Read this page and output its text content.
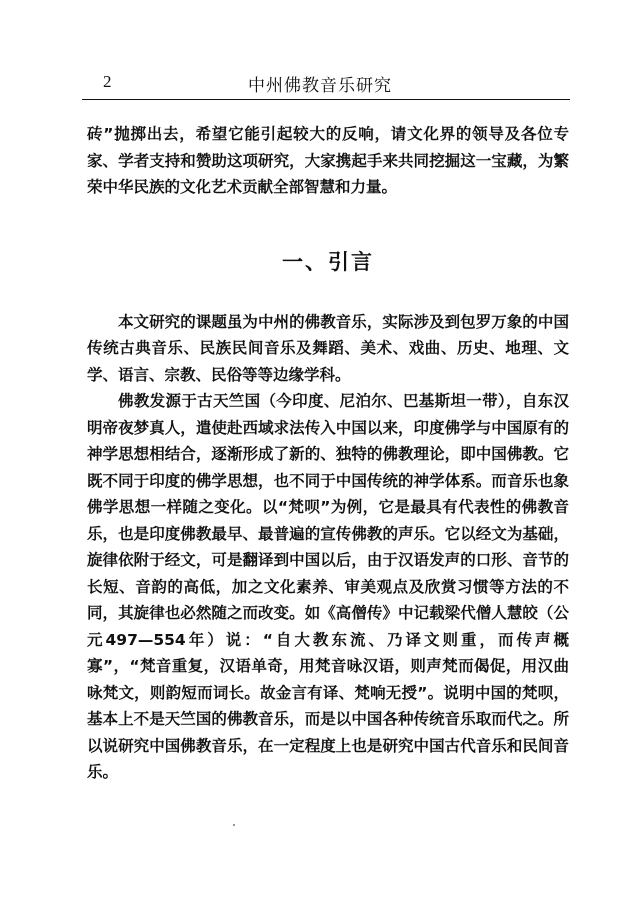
2	中州佛教音乐研究

砖”抛掷出去，希望它能引起较大的反响，请文化界的领导及各位专家、学者支持和赞助这项研究，大家携起手来共同挖掘这一宝藏，为繁荣中华民族的文化艺术贡献全部智慧和力量。

一、引言

本文研究的课题虽为中州的佛教音乐，实际涉及到包罗万象的中国传统古典音乐、民族民间音乐及舞蹈、美术、戏曲、历史、地理、文学、语言、宗教、民俗等等边缘学科。

佛教发源于古天竺国（今印度、尼泊尔、巴基斯坦一带），自东汉明帝夜梦真人，遣使赴西域求法传入中国以来，印度佛学与中国原有的神学思想相结合，逐渐形成了新的、独特的佛教理论，即中国佛教。它既不同于印度的佛学思想，也不同于中国传统的神学体系。而音乐也象佛学思想一样随之变化。以“梵呗”为例，它是最具有代表性的佛教音乐，也是印度佛教最早、最普遍的宣传佛教的声乐。它以经文为基础，旋律依附于经文，可是翻译到中国以后，由于汉语发声的口形、音节的长短、音韵的高低，加之文化素养、审美观点及欣赏习惯等方法的不同，其旋律也必然随之而改变。如《高僧传》中记载梁代僧人慧皎（公元497—554年）说：“自大教东流、乃译文则重，而传声概寡”，“梵音重复，汉语单奇，用梵音咏汉语，则声梵而偈促，用汉曲咏梵文，则韵短而词长。故金言有译、梵响无授”。说明中国的梵呗，基本上不是天竺国的佛教音乐，而是以中国各种传统音乐取而代之。所以说研究中国佛教音乐，在一定程度上也是研究中国古代音乐和民间音乐。
